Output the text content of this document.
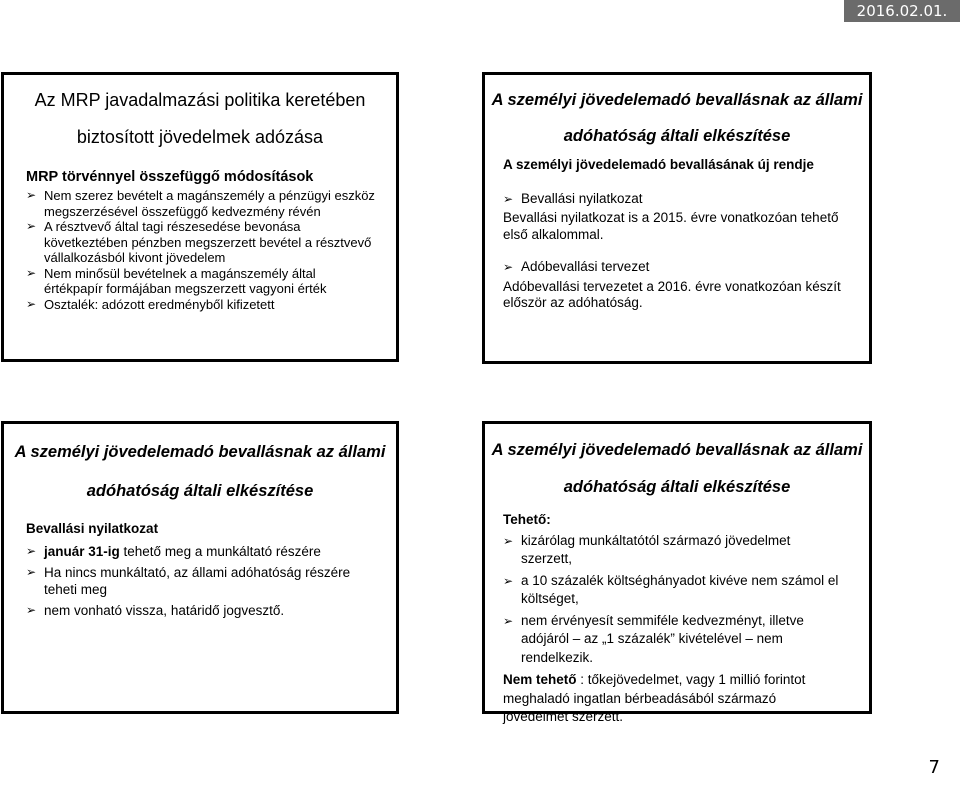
2016.02.01.

Az MRP javadalmazási politika keretében

biztosított jövedelmek adózása

MRP törvénnyel összefüggő módosítások

➢ Nem szerez bevételt a magánszemély a pénzügyi eszköz

megszerzésével összefüggő kedvezmény révén

➢ A résztvevő által tagi részesedése bevonása

következtében pénzben megszerzett bevétel a résztvevő

vállalkozásból kivont jövedelem

➢ Nem minősül bevételnek a magánszemély által

értékpapír formájában megszerzett vagyoni érték

➢ Osztalék: adózott eredményből kifizetett

A személyi jövedelemadó bevallásnak az állami

adóhatóság általi elkészítése

A személyi jövedelemadó bevallásának új rendje

➢ Bevallási nyilatkozat

Bevallási nyilatkozat is a 2015. évre vonatkozóan tehető

első alkalommal.

➢ Adóbevallási tervezet

Adóbevallási tervezetet a 2016. évre vonatkozóan készít

először az adóhatóság.

A személyi jövedelemadó bevallásnak az állami

adóhatóság általi elkészítése

Bevallási nyilatkozat

➢ január 31-ig tehető meg a munkáltató részére

➢ Ha nincs munkáltató, az állami adóhatóság részére

teheti meg

➢ nem vonható vissza, határidő jogvesztő.

A személyi jövedelemadó bevallásnak az állami

adóhatóság általi elkészítése

Tehető:

➢ kizárólag munkáltatótól származó jövedelmet

szerzett,

➢ a 10 százalék költséghányadot kivéve nem számol el

költséget,

➢ nem érvényesít semmiféle kedvezményt, illetve

adójáról – az „1 százalék” kivételével – nem

rendelkezik.

Nem tehető : tőkejövedelmet, vagy 1 millió forintot

meghaladó ingatlan bérbeadásából származó

jövedelmet szerzett.

7
